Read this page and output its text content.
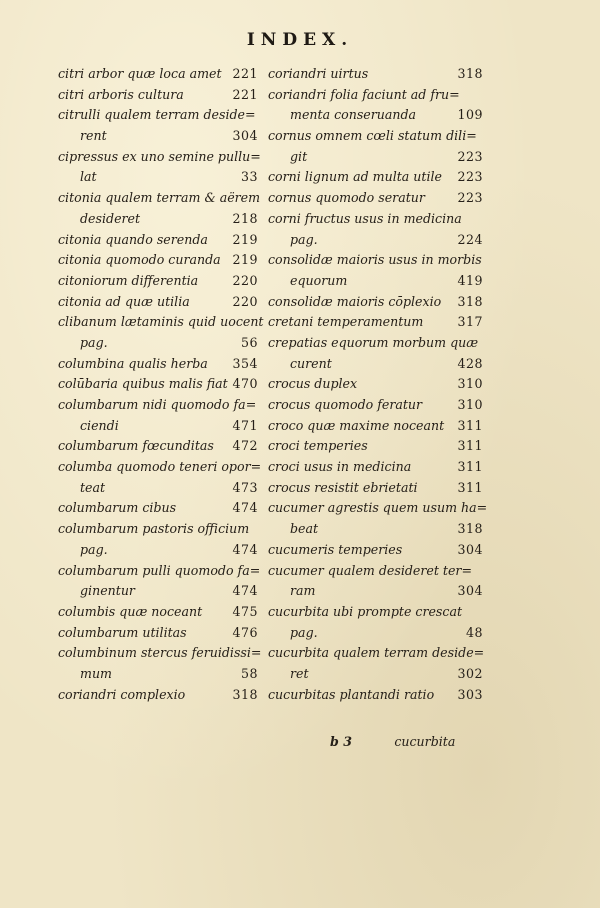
INDEX.
citri arbor quæ loca amet 221
citri arboris cultura	221
citrulli qualem terram deside=
rent	304
cipressus ex uno semine pullu=
lat	33
citonia qualem terram & aërem
desideret	218
citonia quando serenda 219
citonia quomodo curanda 219
citoniorum differentia	220
citonia ad quæ utilia	220
clibanum lætaminis quid uocent
pag.	56
columbina qualis herba 354
colūbaria quibus malis fiat 470
columbarum nidi quomodo fa=
ciendi	471
columbarum fœcunditas 472
columba quomodo teneri opor=
teat	473
columbarum cibus	474
columbarum pastoris officium
pag.	474
columbarum pulli quomodo fa=
ginentur	474
columbis quæ noceant 475
columbarum utilitas	476
columbinum stercus feruidissi=
mum	58
coriandri complexio	318
coriandri uirtus	318
coriandri folia faciunt ad fru=
menta conseruanda	109
cornus omnem cœli statum dili=
git	223
corni lignum ad multa utile 223
cornus quomodo seratur	223
corni fructus usus in medicina
pag.	224
consolidæ maioris usus in morbis
equorum	419
consolidæ maioris cōplexio 318
cretani temperamentum	317
crepatias equorum morbum quæ
curent	428
crocus duplex	310
crocus quomodo feratur	310
croco quæ maxime noceant 311
croci temperies	311
croci usus in medicina	311
crocus resistit ebrietati	311
cucumer agrestis quem usum ha=
beat	318
cucumeris temperies	304
cucumer qualem desideret ter=
ram	304
cucurbita ubi prompte crescat
pag.	48
cucurbita qualem terram deside=
ret	302
cucurbitas plantandi ratio 303
b 3	cucurbita
